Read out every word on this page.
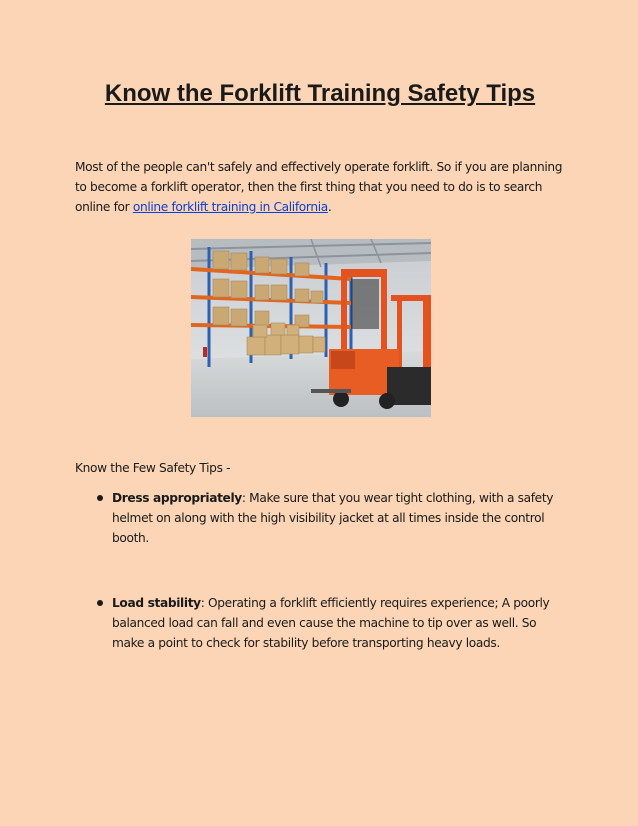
Know the Forklift Training Safety Tips

Most of the people can't safely and effectively operate forklift. So if you are planning to become a forklift operator, then the first thing that you need to do is to search online for online forklift training in California.

Know the Few Safety Tips -

Dress appropriately: Make sure that you wear tight clothing, with a safety helmet on along with the high visibility jacket at all times inside the control booth.

Load stability: Operating a forklift efficiently requires experience; A poorly balanced load can fall and even cause the machine to tip over as well. So make a point to check for stability before transporting heavy loads.
